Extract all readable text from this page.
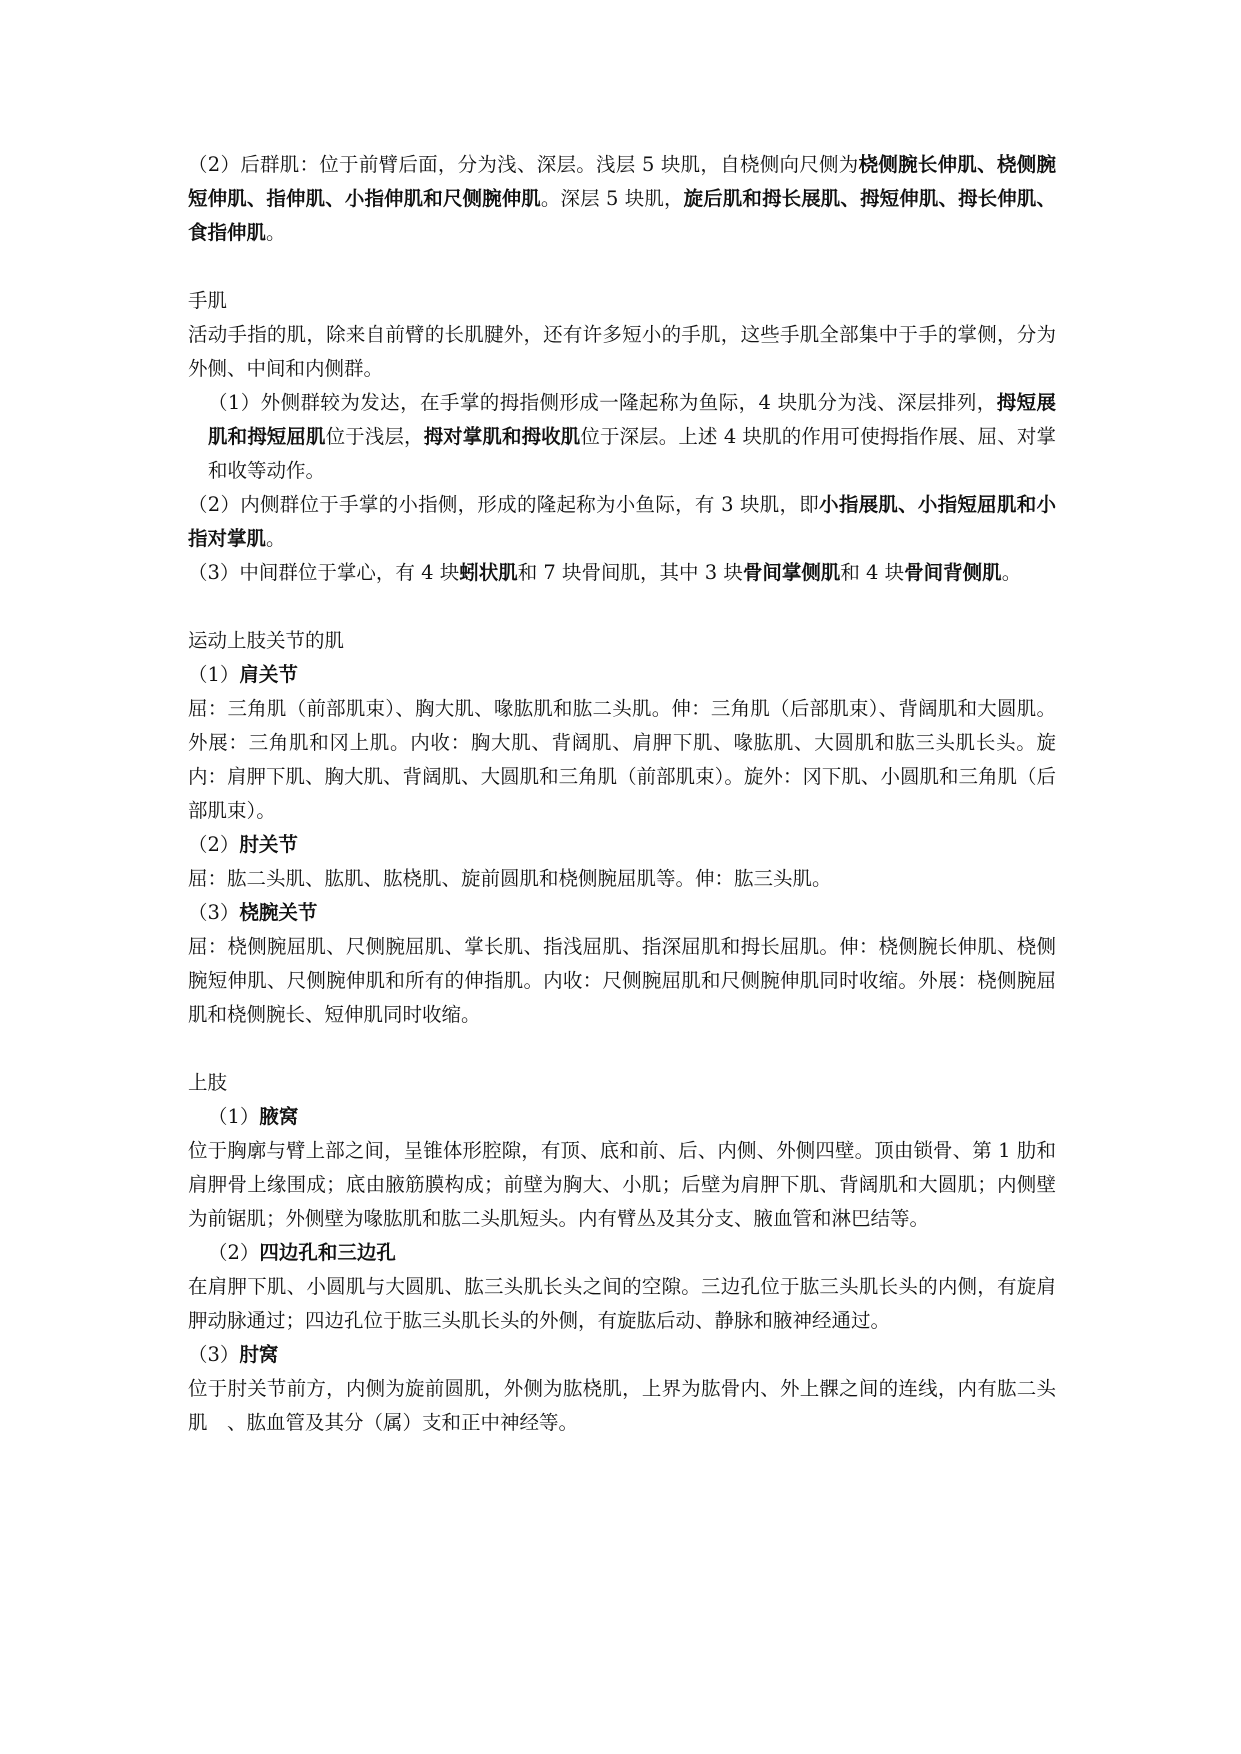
（2）后群肌：位于前臂后面，分为浅、深层。浅层 5 块肌，自桡侧向尺侧为桡侧腕长伸肌、桡侧腕短伸肌、指伸肌、小指伸肌和尺侧腕伸肌。深层 5 块肌，旋后肌和拇长展肌、拇短伸肌、拇长伸肌、食指伸肌。

手肌

活动手指的肌，除来自前臂的长肌腱外，还有许多短小的手肌，这些手肌全部集中于手的掌侧，分为外侧、中间和内侧群。

（1）外侧群较为发达，在手掌的拇指侧形成一隆起称为鱼际，4 块肌分为浅、深层排列，拇短展肌和拇短屈肌位于浅层，拇对掌肌和拇收肌位于深层。上述 4 块肌的作用可使拇指作展、屈、对掌和收等动作。

（2）内侧群位于手掌的小指侧，形成的隆起称为小鱼际，有 3 块肌，即小指展肌、小指短屈肌和小指对掌肌。

（3）中间群位于掌心，有 4 块蚓状肌和 7 块骨间肌，其中 3 块骨间掌侧肌和 4 块骨间背侧肌。

运动上肢关节的肌

（1）肩关节

屈：三角肌（前部肌束）、胸大肌、喙肱肌和肱二头肌。伸：三角肌（后部肌束）、背阔肌和大圆肌。外展：三角肌和冈上肌。内收：胸大肌、背阔肌、肩胛下肌、喙肱肌、大圆肌和肱三头肌长头。旋内：肩胛下肌、胸大肌、背阔肌、大圆肌和三角肌（前部肌束）。旋外：冈下肌、小圆肌和三角肌（后部肌束）。

（2）肘关节

屈：肱二头肌、肱肌、肱桡肌、旋前圆肌和桡侧腕屈肌等。伸：肱三头肌。

（3）桡腕关节

屈：桡侧腕屈肌、尺侧腕屈肌、掌长肌、指浅屈肌、指深屈肌和拇长屈肌。伸：桡侧腕长伸肌、桡侧腕短伸肌、尺侧腕伸肌和所有的伸指肌。内收：尺侧腕屈肌和尺侧腕伸肌同时收缩。外展：桡侧腕屈肌和桡侧腕长、短伸肌同时收缩。

上肢

（1）腋窝

位于胸廓与臂上部之间，呈锥体形腔隙，有顶、底和前、后、内侧、外侧四壁。顶由锁骨、第 1 肋和肩胛骨上缘围成；底由腋筋膜构成；前壁为胸大、小肌；后壁为肩胛下肌、背阔肌和大圆肌；内侧壁为前锯肌；外侧壁为喙肱肌和肱二头肌短头。内有臂丛及其分支、腋血管和淋巴结等。

（2）四边孔和三边孔

在肩胛下肌、小圆肌与大圆肌、肱三头肌长头之间的空隙。三边孔位于肱三头肌长头的内侧，有旋肩胛动脉通过；四边孔位于肱三头肌长头的外侧，有旋肱后动、静脉和腋神经通过。

（3）肘窝

位于肘关节前方，内侧为旋前圆肌，外侧为肱桡肌，上界为肱骨内、外上髁之间的连线，内有肱二头肌　、肱血管及其分（属）支和正中神经等。
